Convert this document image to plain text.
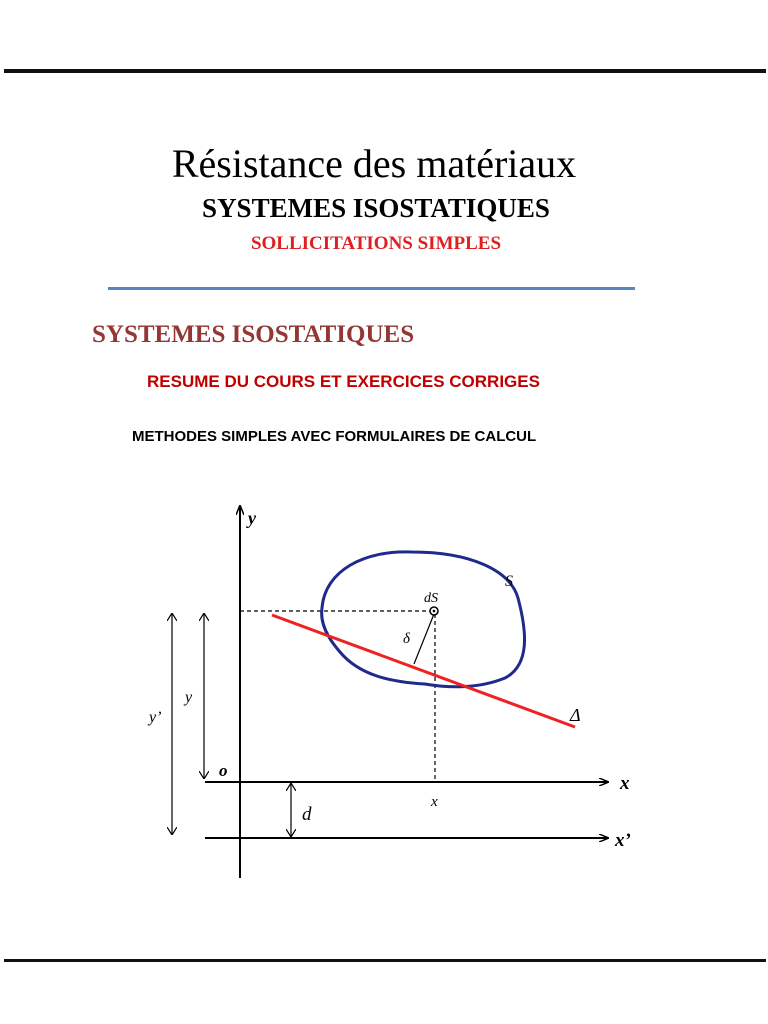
Résistance des matériaux
SYSTEMES ISOSTATIQUES
SOLLICITATIONS SIMPLES
SYSTEMES ISOSTATIQUES
RESUME DU COURS ET EXERCICES CORRIGES
METHODES SIMPLES AVEC FORMULAIRES DE CALCUL
y
x
x’
o
dS
S
δ
Δ
y
y’
d
x
